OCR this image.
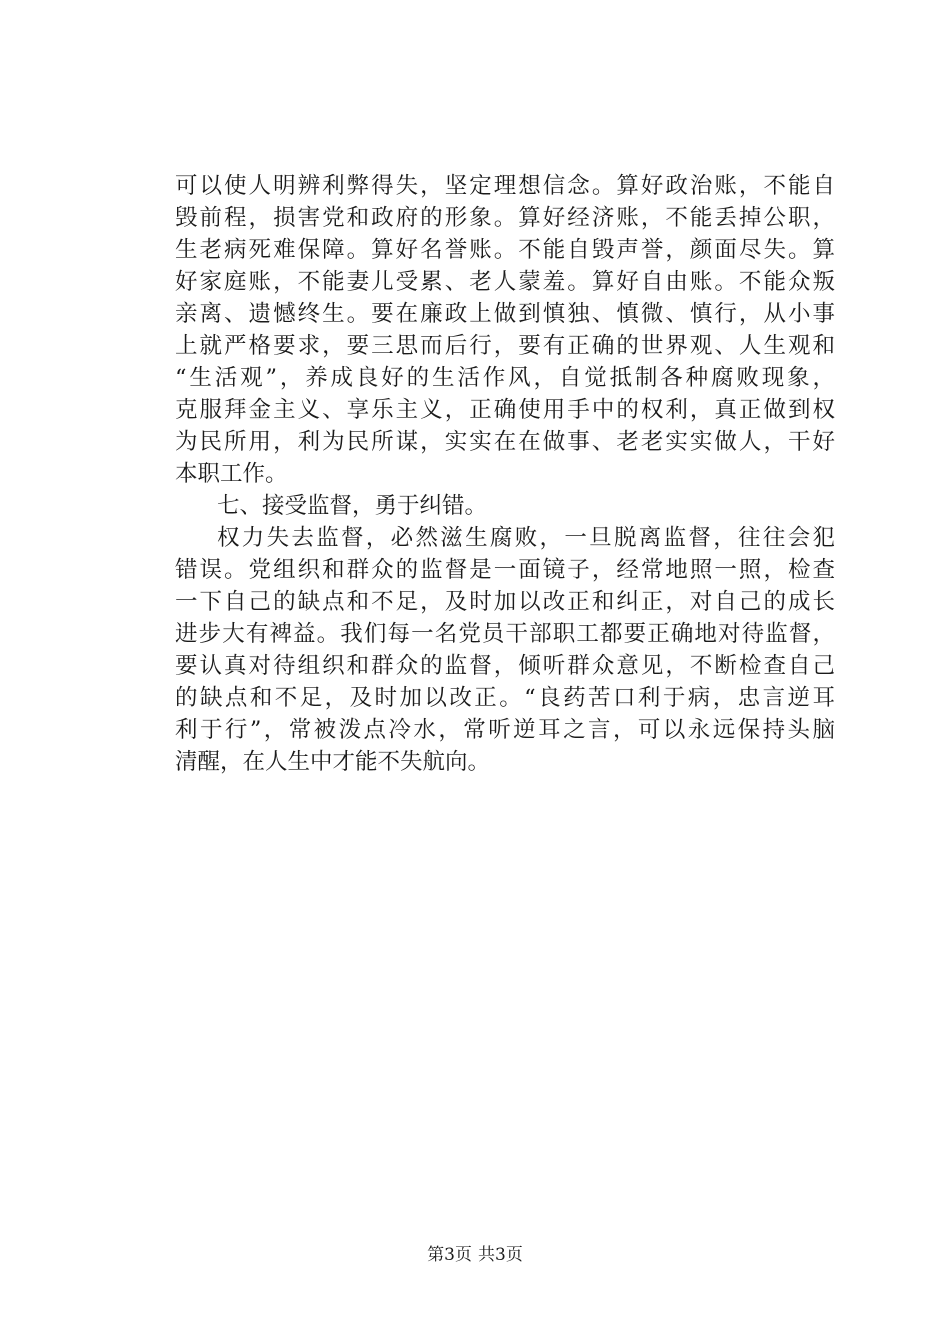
可以使人明辨利弊得失，坚定理想信念。算好政治账，不能自
毁前程，损害党和政府的形象。算好经济账，不能丢掉公职，
生老病死难保障。算好名誉账。不能自毁声誉，颜面尽失。算
好家庭账，不能妻儿受累、老人蒙羞。算好自由账。不能众叛
亲离、遗憾终生。要在廉政上做到慎独、慎微、慎行，从小事
上就严格要求，要三思而后行，要有正确的世界观、人生观和
“生活观”，养成良好的生活作风，自觉抵制各种腐败现象，
克服拜金主义、享乐主义，正确使用手中的权利，真正做到权
为民所用，利为民所谋，实实在在做事、老老实实做人，干好
本职工作。
七、接受监督，勇于纠错。
权力失去监督，必然滋生腐败，一旦脱离监督，往往会犯
错误。党组织和群众的监督是一面镜子，经常地照一照，检查
一下自己的缺点和不足，及时加以改正和纠正，对自己的成长
进步大有裨益。我们每一名党员干部职工都要正确地对待监督，
要认真对待组织和群众的监督，倾听群众意见，不断检查自己
的缺点和不足，及时加以改正。“良药苦口利于病，忠言逆耳
利于行”，常被泼点冷水，常听逆耳之言，可以永远保持头脑
清醒，在人生中才能不失航向。
第3页 共3页
